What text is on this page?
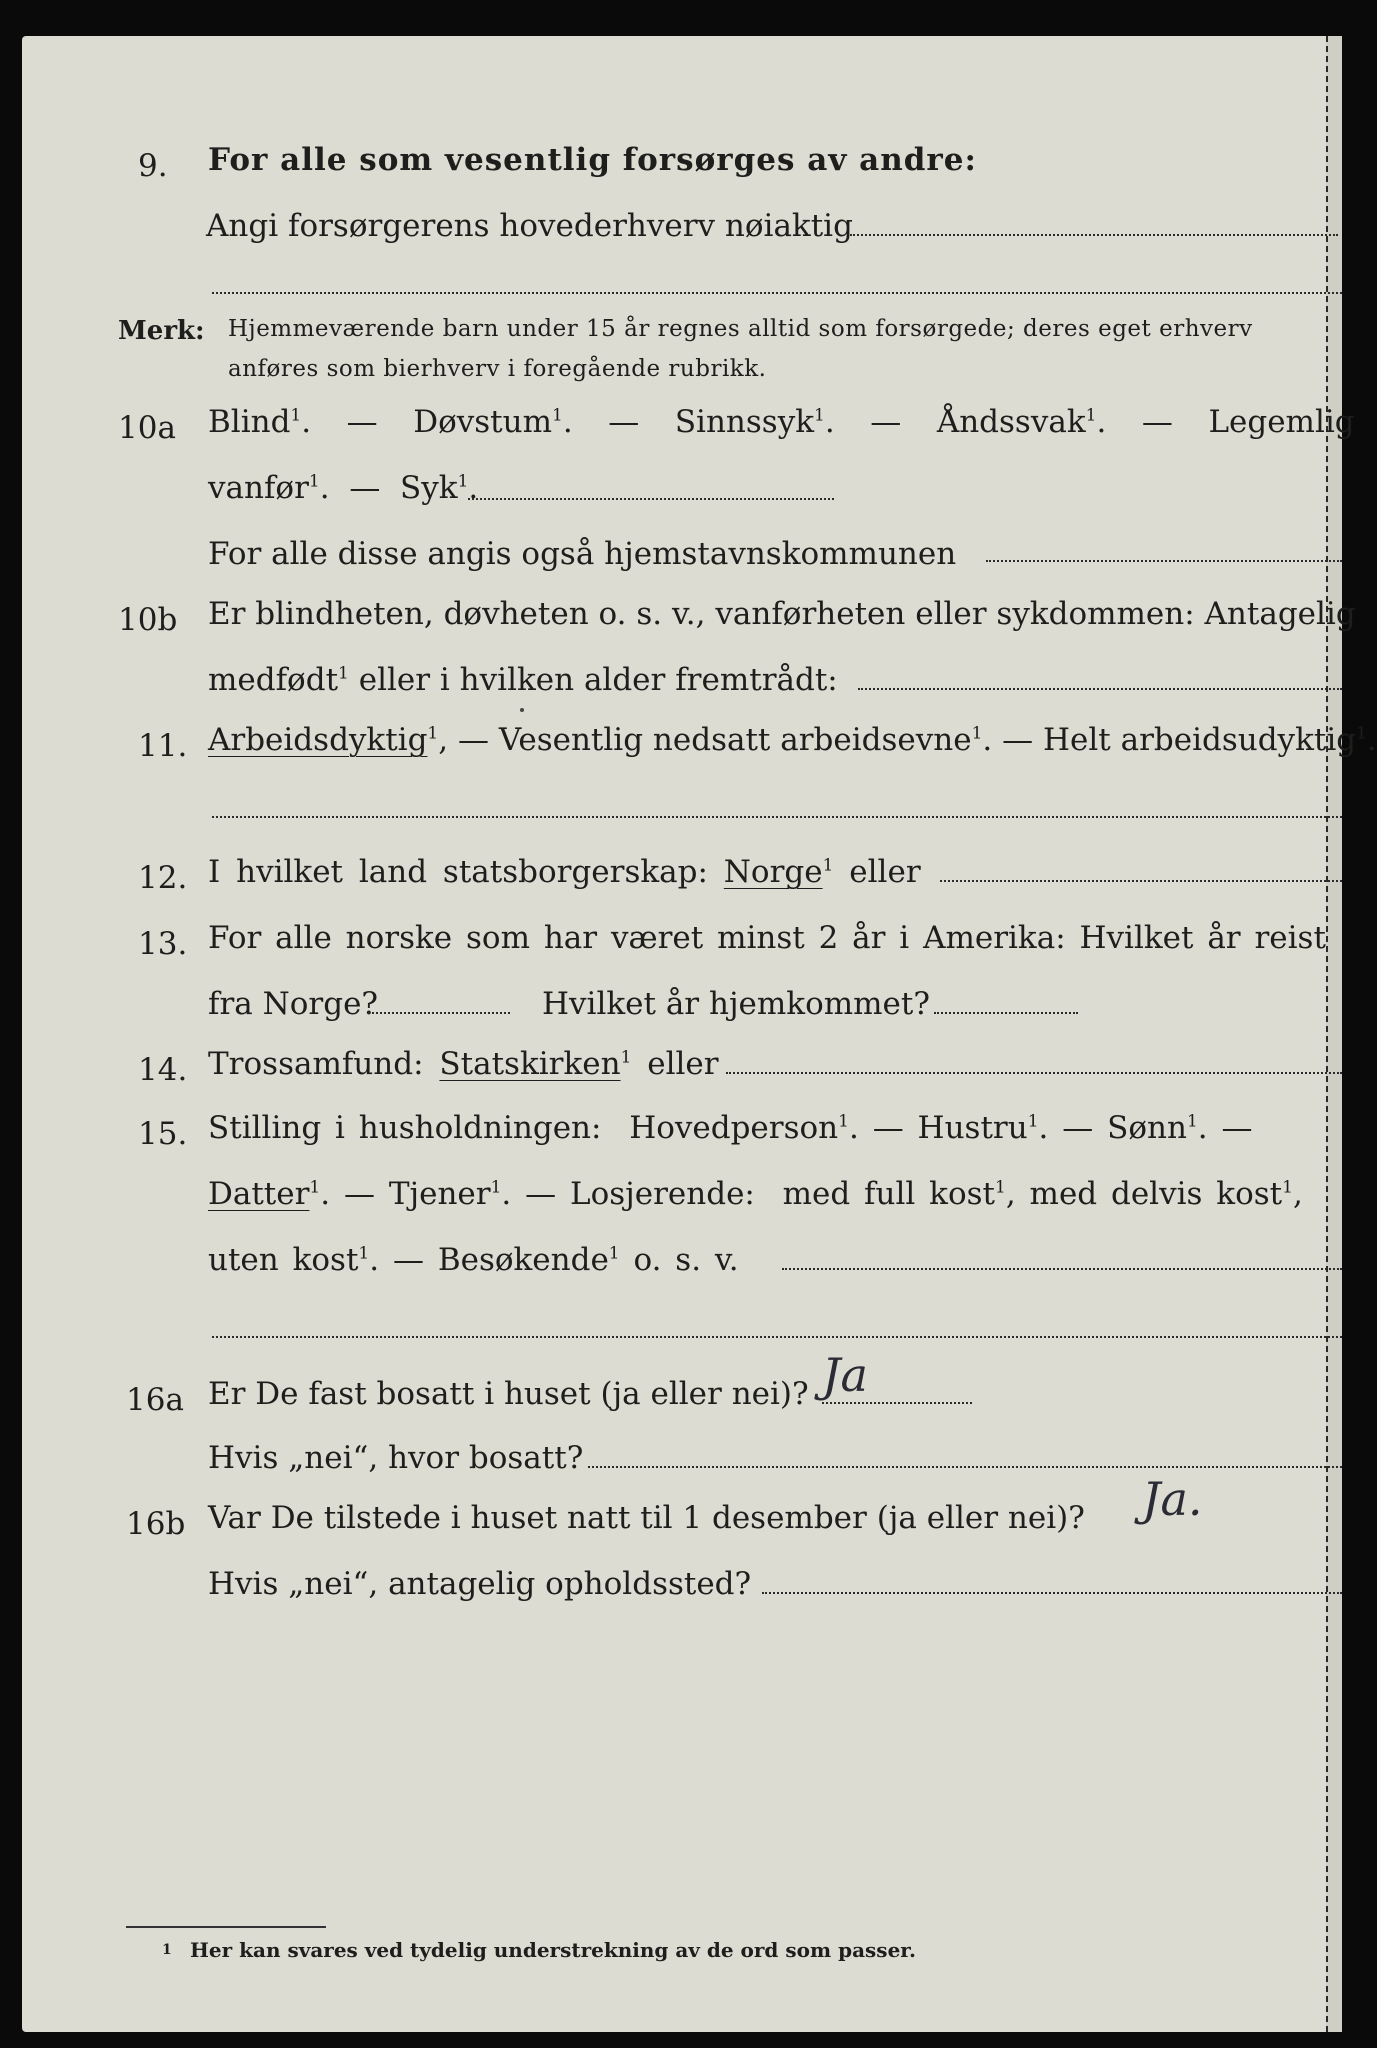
9. For alle som vesentlig forsørges av andre:
Angi forsørgerens hovederhverv nøiaktig
Merk: Hjemmeværende barn under 15 år regnes alltid som forsørgede; deres eget erhverv
anføres som bierhverv i foregående rubrikk.
10a Blind$^1$.   — Døvstum$^1$.   — Sinnssyk$^1$.   — Åndssvak$^1$.   — Legemlig
vanfør$^1$.  — Syk$^1$.
For alle disse angis også hjemstavnskommunen
10b Er blindheten, døvheten o. s. v., vanførheten eller sykdommen: Antagelig
medfødt$^1$ eller i hvilken alder fremtrådt:
11. Arbeidsdyktig$^1$, — Vesentlig nedsatt arbeidsevne$^1$. — Helt arbeidsudyktig$^1$.
12. I hvilket land statsborgerskap: Norge$^1$ eller
13. For alle norske som har været minst 2 år i Amerika: Hvilket år reist
fra Norge?	Hvilket år hjemkommet?
14. Trossamfund: Statskirken$^1$ eller
15. Stilling i husholdningen: Hovedperson$^1$. — Hustru$^1$. — Sønn$^1$. —
Datter$^1$. — Tjener$^1$. — Losjerende: med full kost$^1$, med delvis kost$^1$,
uten kost$^1$. — Besøkende$^1$ o. s. v.
16a Er De fast bosatt i huset (ja eller nei)? Ja
Hvis „nei“, hvor bosatt?
16b Var De tilstede i huset natt til 1 desember (ja eller nei)? Ja.
Hvis „nei“, antagelig opholdssted?
1 Her kan svares ved tydelig understrekning av de ord som passer.
